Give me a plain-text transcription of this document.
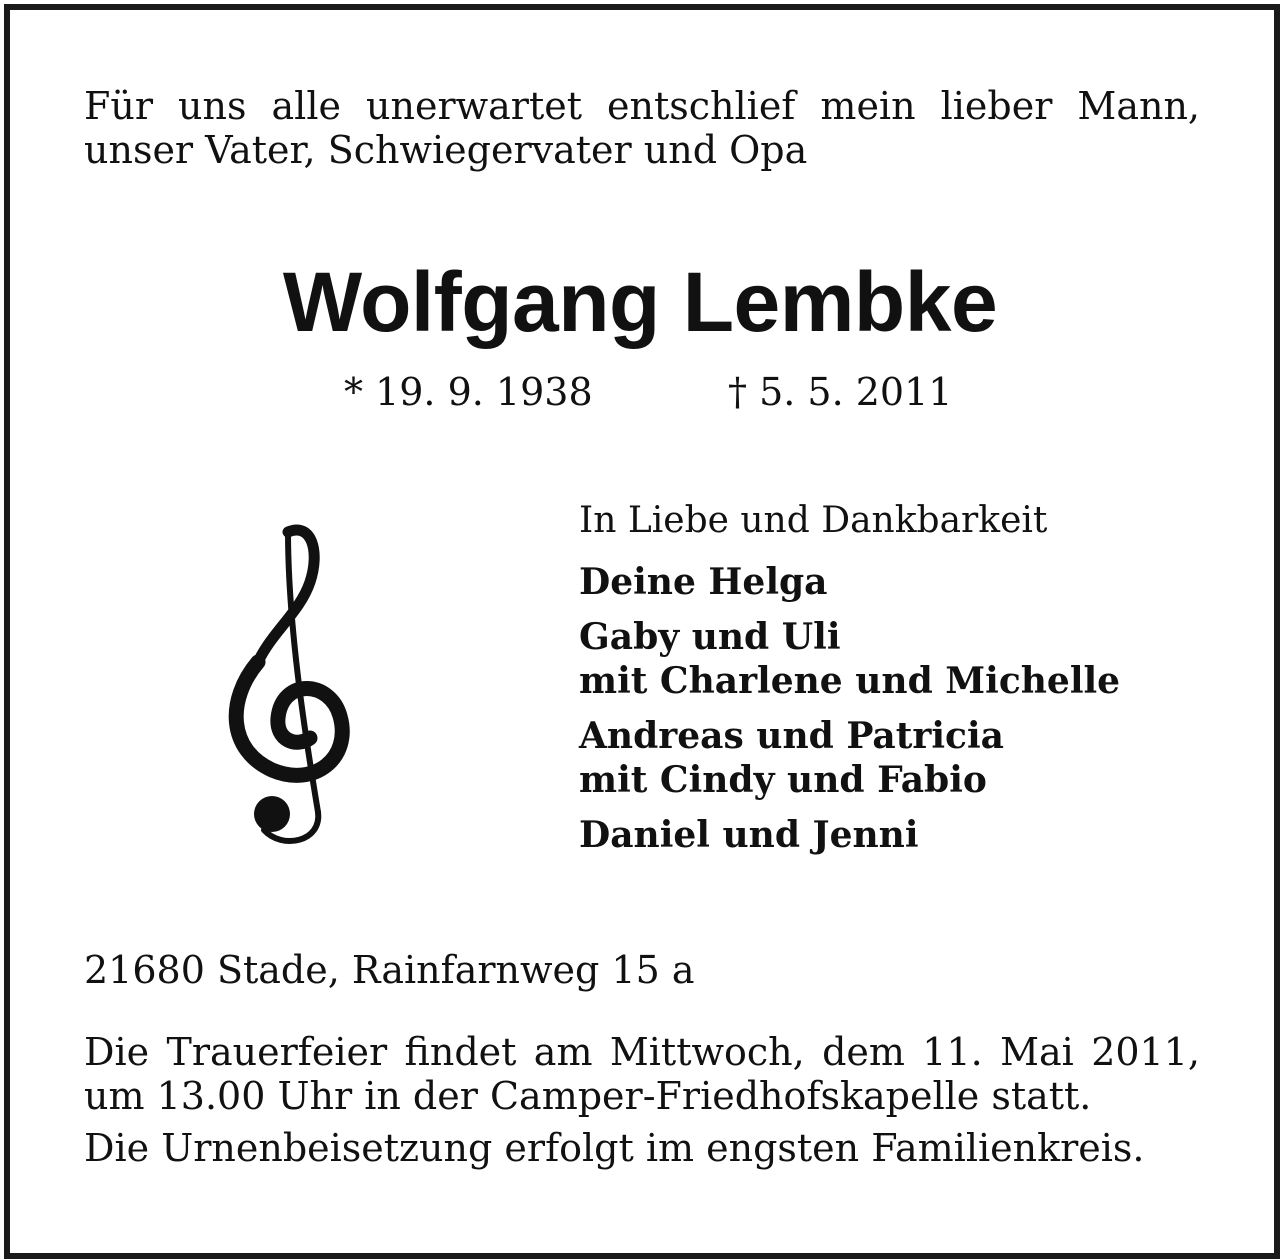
Für uns alle unerwartet entschlief mein lieber Mann,
unser Vater, Schwiegervater und Opa
Wolfgang Lembke
* 19. 9. 1938	† 5. 5. 2011
In Liebe und Dankbarkeit
Deine Helga
Gaby und Uli
mit Charlene und Michelle
Andreas und Patricia
mit Cindy und Fabio
Daniel und Jenni
21680 Stade, Rainfarnweg 15 a
Die Trauerfeier findet am Mittwoch, dem 11. Mai 2011,
um 13.00 Uhr in der Camper-Friedhofskapelle statt.
Die Urnenbeisetzung erfolgt im engsten Familienkreis.
